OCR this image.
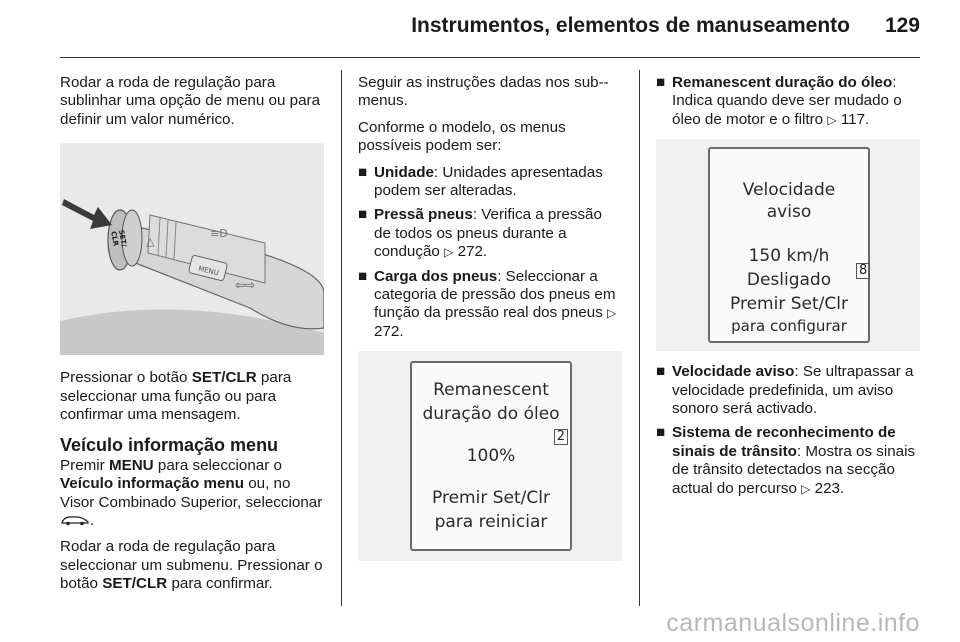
Instrumentos, elementos de manuseamento 129

Rodar a roda de regulação para sublinhar uma opção de menu ou para definir um valor numérico.

⇦⇨
≡D
△
SET/
CLR
MENU

Pressionar o botão SET/CLR para seleccionar uma função ou para confirmar uma mensagem.

Veículo informação menu

Premir MENU para seleccionar o Veículo informação menu ou, no Visor Combinado Superior, seleccionar .

Rodar a roda de regulação para seleccionar um submenu. Pressionar o botão SET/CLR para confirmar.

Seguir as instruções dadas nos sub--menus.

Conforme o modelo, os menus possíveis podem ser:

■ Unidade: Unidades apresentadas podem ser alteradas.
■ Pressã pneus: Verifica a pressão de todos os pneus durante a condução ▷ 272.
■ Carga dos pneus: Seleccionar a categoria de pressão dos pneus em função da pressão real dos pneus ▷ 272.
Remanescent
duração do óleo
100%
Premir Set/Clr
para reiniciar
2
■ Remanescent duração do óleo: Indica quando deve ser mudado o óleo de motor e o filtro ▷ 117.
Velocidade
aviso
150 km/h
Desligado
Premir Set/Clr
para configurar
8
■ Velocidade aviso: Se ultrapassar a velocidade predefinida, um aviso sonoro será activado.
■ Sistema de reconhecimento de sinais de trânsito: Mostra os sinais de trânsito detectados na secção actual do percurso ▷ 223.
carmanualsonline.info
